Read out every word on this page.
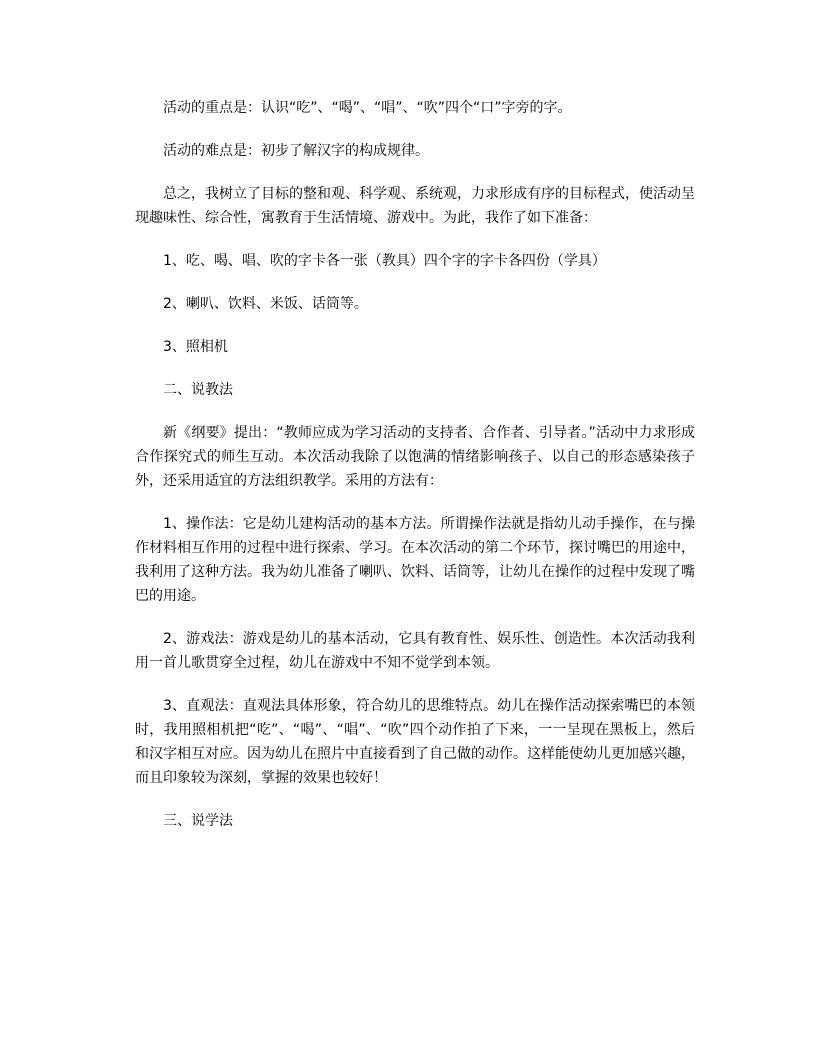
活动的重点是：认识“吃”、“喝”、“唱”、“吹”四个“口”字旁的字。

活动的难点是：初步了解汉字的构成规律。

总之，我树立了目标的整和观、科学观、系统观，力求形成有序的目标程式，使活动呈现趣味性、综合性，寓教育于生活情境、游戏中。为此，我作了如下准备：

1、吃、喝、唱、吹的字卡各一张（教具）四个字的字卡各四份（学具）

2、喇叭、饮料、米饭、话筒等。

3、照相机

二、说教法

新《纲要》提出：“教师应成为学习活动的支持者、合作者、引导者。”活动中力求形成合作探究式的师生互动。本次活动我除了以饱满的情绪影响孩子、以自己的形态感染孩子外，还采用适宜的方法组织教学。采用的方法有：

1、操作法：它是幼儿建构活动的基本方法。所谓操作法就是指幼儿动手操作，在与操作材料相互作用的过程中进行探索、学习。在本次活动的第二个环节，探讨嘴巴的用途中，我利用了这种方法。我为幼儿准备了喇叭、饮料、话筒等，让幼儿在操作的过程中发现了嘴巴的用途。

2、游戏法：游戏是幼儿的基本活动，它具有教育性、娱乐性、创造性。本次活动我利用一首儿歌贯穿全过程，幼儿在游戏中不知不觉学到本领。

3、直观法：直观法具体形象，符合幼儿的思维特点。幼儿在操作活动探索嘴巴的本领时，我用照相机把“吃”、“喝”、“唱”、“吹”四个动作拍了下来，一一呈现在黑板上，然后和汉字相互对应。因为幼儿在照片中直接看到了自己做的动作。这样能使幼儿更加感兴趣，而且印象较为深刻，掌握的效果也较好！

三、说学法
